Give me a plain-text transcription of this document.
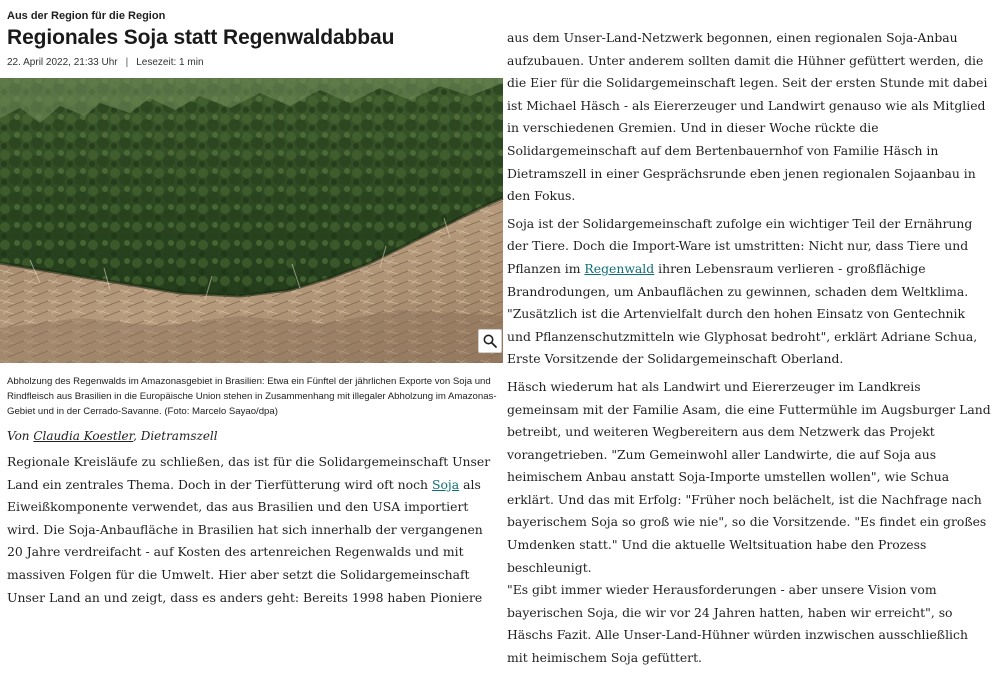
Aus der Region für die Region
Regionales Soja statt Regenwaldabbau
22. April 2022, 21:33 Uhr | Lesezeit: 1 min

Abholzung des Regenwalds im Amazonasgebiet in Brasilien: Etwa ein Fünftel der jährlichen Exporte von Soja und Rindfleisch aus Brasilien in die Europäische Union stehen in Zusammenhang mit illegaler Abholzung im Amazonas-Gebiet und in der Cerrado-Savanne. (Foto: Marcelo Sayao/dpa)

Von Claudia Koestler, Dietramszell

Regionale Kreisläufe zu schließen, das ist für die Solidargemeinschaft Unser Land ein zentrales Thema. Doch in der Tierfütterung wird oft noch Soja als Eiweißkomponente verwendet, das aus Brasilien und den USA importiert wird. Die Soja-Anbaufläche in Brasilien hat sich innerhalb der vergangenen 20 Jahre verdreifacht - auf Kosten des artenreichen Regenwalds und mit massiven Folgen für die Umwelt. Hier aber setzt die Solidargemeinschaft Unser Land an und zeigt, dass es anders geht: Bereits 1998 haben Pioniere

aus dem Unser-Land-Netzwerk begonnen, einen regionalen Soja-Anbau aufzubauen. Unter anderem sollten damit die Hühner gefüttert werden, die die Eier für die Solidargemeinschaft legen. Seit der ersten Stunde mit dabei ist Michael Häsch - als Eiererzeuger und Landwirt genauso wie als Mitglied in verschiedenen Gremien. Und in dieser Woche rückte die Solidargemeinschaft auf dem Bertenbauernhof von Familie Häsch in Dietramszell in einer Gesprächsrunde eben jenen regionalen Sojaanbau in den Fokus.

Soja ist der Solidargemeinschaft zufolge ein wichtiger Teil der Ernährung der Tiere. Doch die Import-Ware ist umstritten: Nicht nur, dass Tiere und Pflanzen im Regenwald ihren Lebensraum verlieren - großflächige Brandrodungen, um Anbauflächen zu gewinnen, schaden dem Weltklima. "Zusätzlich ist die Artenvielfalt durch den hohen Einsatz von Gentechnik und Pflanzenschutzmitteln wie Glyphosat bedroht", erklärt Adriane Schua, Erste Vorsitzende der Solidargemeinschaft Oberland.

Häsch wiederum hat als Landwirt und Eiererzeuger im Landkreis gemeinsam mit der Familie Asam, die eine Futtermühle im Augsburger Land betreibt, und weiteren Wegbereitern aus dem Netzwerk das Projekt vorangetrieben. "Zum Gemeinwohl aller Landwirte, die auf Soja aus heimischem Anbau anstatt Soja-Importe umstellen wollen", wie Schua erklärt. Und das mit Erfolg: "Früher noch belächelt, ist die Nachfrage nach bayerischem Soja so groß wie nie", so die Vorsitzende. "Es findet ein großes Umdenken statt." Und die aktuelle Weltsituation habe den Prozess beschleunigt.

"Es gibt immer wieder Herausforderungen - aber unsere Vision vom bayerischen Soja, die wir vor 24 Jahren hatten, haben wir erreicht", so Häschs Fazit. Alle Unser-Land-Hühner würden inzwischen ausschließlich mit heimischem Soja gefüttert.
